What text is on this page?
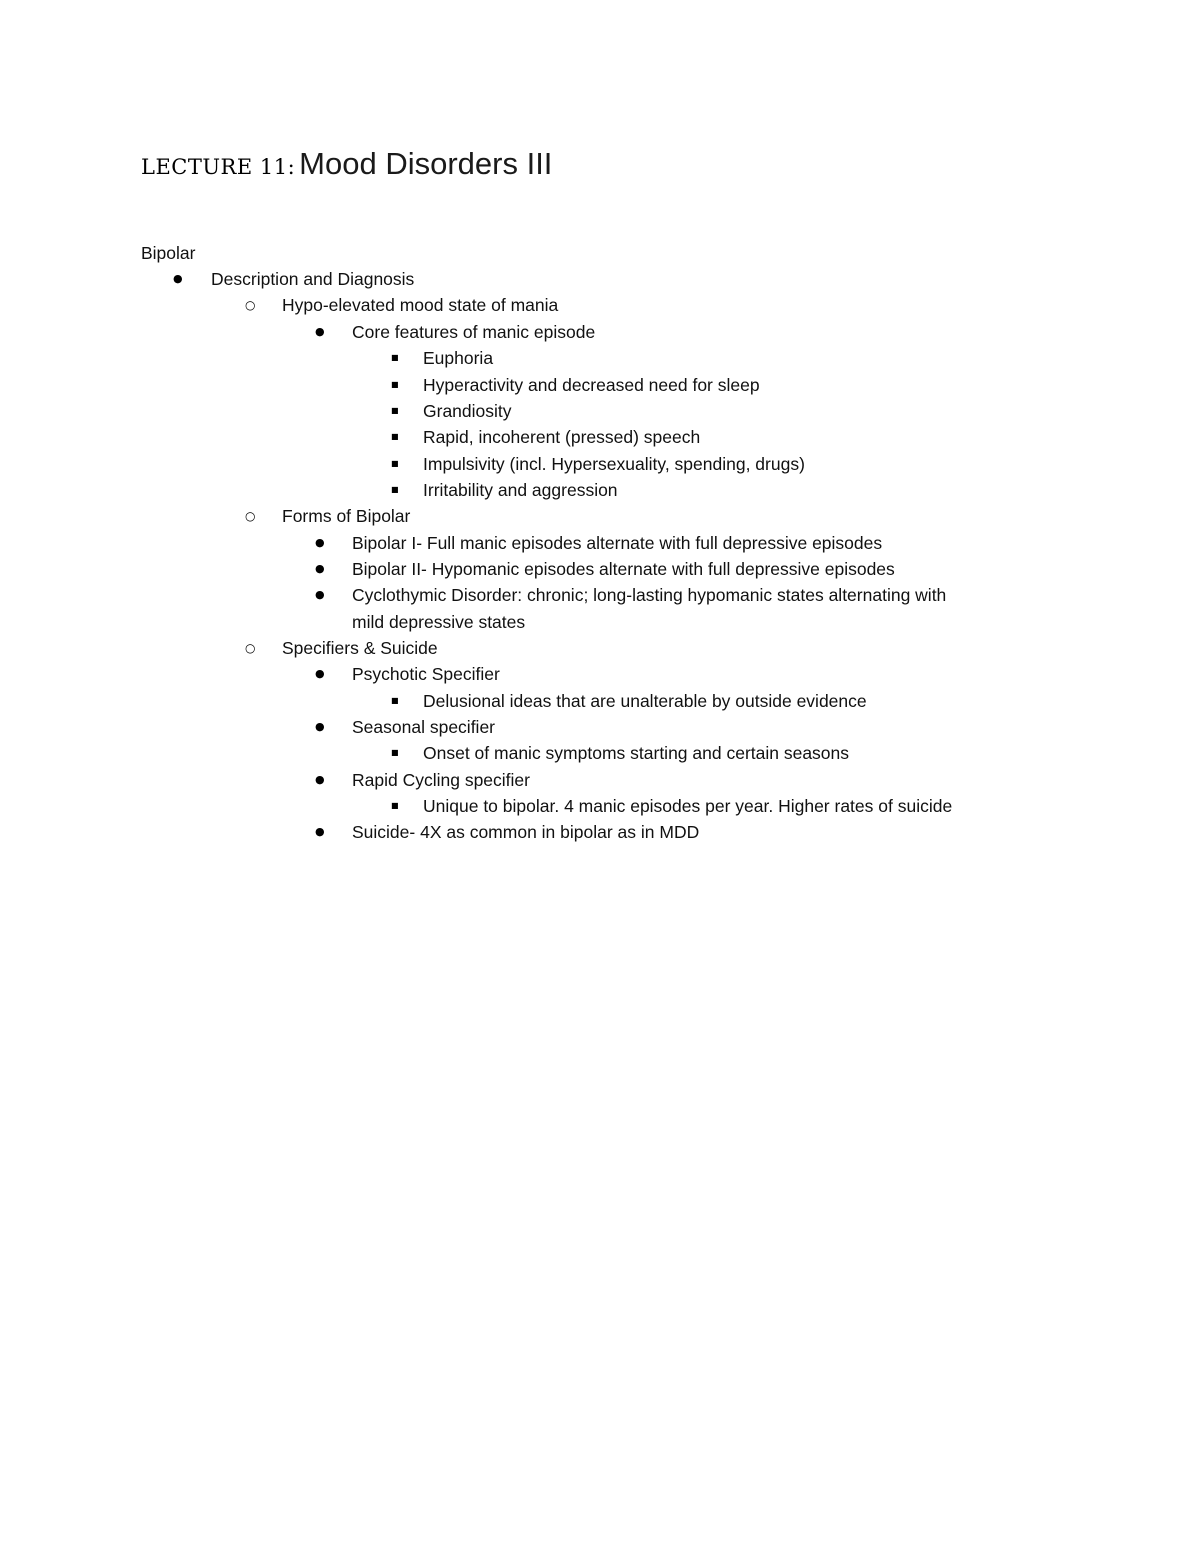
LECTURE 11: Mood Disorders III
Bipolar
● Description and Diagnosis
○ Hypo-elevated mood state of mania
● Core features of manic episode
■ Euphoria
■ Hyperactivity and decreased need for sleep
■ Grandiosity
■ Rapid, incoherent (pressed) speech
■ Impulsivity (incl. Hypersexuality, spending, drugs)
■ Irritability and aggression
○ Forms of Bipolar
● Bipolar I- Full manic episodes alternate with full depressive episodes
● Bipolar II- Hypomanic episodes alternate with full depressive episodes
● Cyclothymic Disorder: chronic; long-lasting hypomanic states alternating with
mild depressive states
○ Specifiers & Suicide
● Psychotic Specifier
■ Delusional ideas that are unalterable by outside evidence
● Seasonal specifier
■ Onset of manic symptoms starting and certain seasons
● Rapid Cycling specifier
■ Unique to bipolar. 4 manic episodes per year. Higher rates of suicide
● Suicide- 4X as common in bipolar as in MDD
